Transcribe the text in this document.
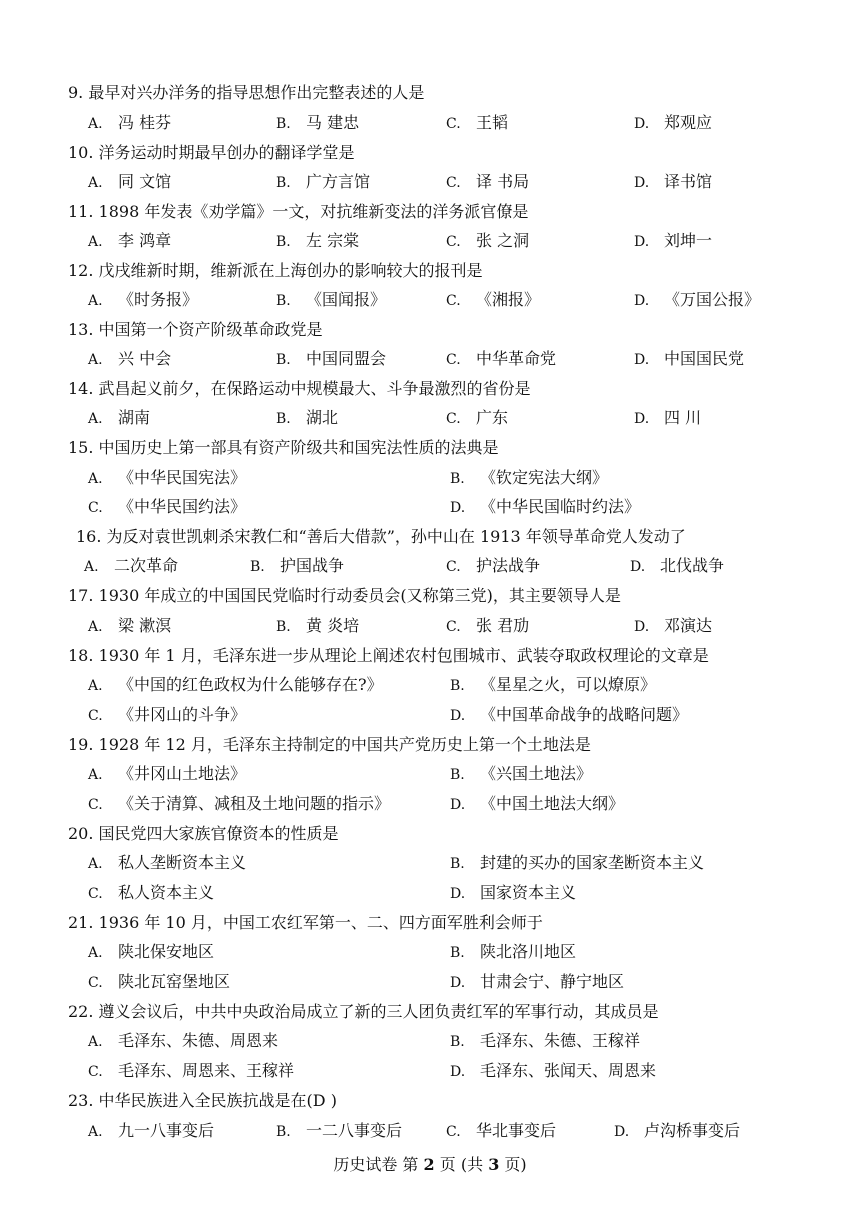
9. 最早对兴办洋务的指导思想作出完整表述的人是
A. 冯 桂芬	B. 马 建忠	C. 王韬	D. 郑观应
10. 洋务运动时期最早创办的翻译学堂是
A. 同 文馆	B. 广方言馆	C. 译 书局	D. 译书馆
11. 1898 年发表《劝学篇》一文，对抗维新变法的洋务派官僚是
A. 李 鸿章	B. 左 宗棠	C. 张 之洞	D. 刘坤一
12. 戊戌维新时期，维新派在上海创办的影响较大的报刊是
A. 《时务报》	B. 《国闻报》	C. 《湘报》	D. 《万国公报》
13. 中国第一个资产阶级革命政党是
A. 兴 中会	B. 中国同盟会	C. 中华革命党	D. 中国国民党
14. 武昌起义前夕，在保路运动中规模最大、斗争最激烈的省份是
A. 湖南	B. 湖北	C. 广东	D. 四 川
15. 中国历史上第一部具有资产阶级共和国宪法性质的法典是
A. 《中华民国宪法》	B. 《钦定宪法大纲》
C. 《中华民国约法》	D. 《中华民国临时约法》
16. 为反对袁世凯刺杀宋教仁和“善后大借款”，孙中山在 1913 年领导革命党人发动了
A. 二次革命	B. 护国战争	C. 护法战争	D. 北伐战争
17. 1930 年成立的中国国民党临时行动委员会(又称第三党)，其主要领导人是
A. 梁 漱溟	B. 黄 炎培	C. 张 君劢	D. 邓演达
18. 1930 年 1 月，毛泽东进一步从理论上阐述农村包围城市、武装夺取政权理论的文章是
A. 《中国的红色政权为什么能够存在?》	B. 《星星之火，可以燎原》
C. 《井冈山的斗争》	D. 《中国革命战争的战略问题》
19. 1928 年 12 月，毛泽东主持制定的中国共产党历史上第一个土地法是
A. 《井冈山土地法》	B. 《兴国土地法》
C. 《关于清算、减租及土地问题的指示》	D. 《中国土地法大纲》
20. 国民党四大家族官僚资本的性质是
A. 私人垄断资本主义	B. 封建的买办的国家垄断资本主义
C. 私人资本主义	D. 国家资本主义
21. 1936 年 10 月，中国工农红军第一、二、四方面军胜利会师于
A. 陕北保安地区	B. 陕北洛川地区
C. 陕北瓦窑堡地区	D. 甘肃会宁、静宁地区
22. 遵义会议后，中共中央政治局成立了新的三人团负责红军的军事行动，其成员是
A. 毛泽东、朱德、周恩来	B. 毛泽东、朱德、王稼祥
C. 毛泽东、周恩来、王稼祥	D. 毛泽东、张闻天、周恩来
23. 中华民族进入全民族抗战是在(D )
A. 九一八事变后	B. 一二八事变后	C. 华北事变后	D. 卢沟桥事变后
历史试卷 第 2 页 (共 3 页)
